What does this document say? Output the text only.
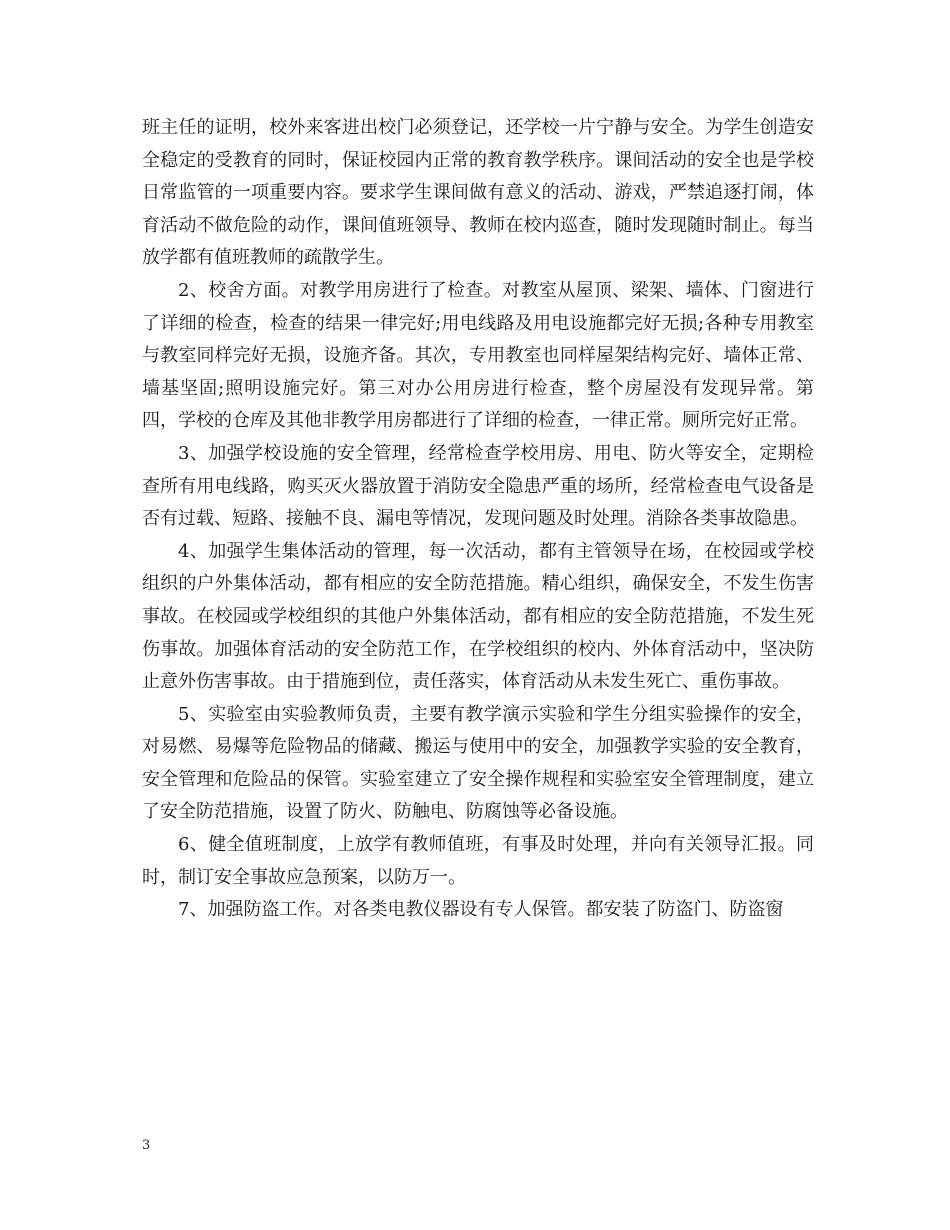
班主任的证明，校外来客进出校门必须登记，还学校一片宁静与安全。为学生创造安全稳定的受教育的同时，保证校园内正常的教育教学秩序。课间活动的安全也是学校日常监管的一项重要内容。要求学生课间做有意义的活动、游戏，严禁追逐打闹，体育活动不做危险的动作，课间值班领导、教师在校内巡查，随时发现随时制止。每当放学都有值班教师的疏散学生。

2、校舍方面。对教学用房进行了检查。对教室从屋顶、梁架、墙体、门窗进行了详细的检查，检查的结果一律完好;用电线路及用电设施都完好无损;各种专用教室与教室同样完好无损，设施齐备。其次，专用教室也同样屋架结构完好、墙体正常、墙基坚固;照明设施完好。第三对办公用房进行检查，整个房屋没有发现异常。第四，学校的仓库及其他非教学用房都进行了详细的检查，一律正常。厕所完好正常。

3、加强学校设施的安全管理，经常检查学校用房、用电、防火等安全，定期检查所有用电线路，购买灭火器放置于消防安全隐患严重的场所，经常检查电气设备是否有过载、短路、接触不良、漏电等情况，发现问题及时处理。消除各类事故隐患。

4、加强学生集体活动的管理，每一次活动，都有主管领导在场，在校园或学校组织的户外集体活动，都有相应的安全防范措施。精心组织，确保安全，不发生伤害事故。在校园或学校组织的其他户外集体活动，都有相应的安全防范措施，不发生死伤事故。加强体育活动的安全防范工作，在学校组织的校内、外体育活动中，坚决防止意外伤害事故。由于措施到位，责任落实，体育活动从未发生死亡、重伤事故。

5、实验室由实验教师负责，主要有教学演示实验和学生分组实验操作的安全，对易燃、易爆等危险物品的储藏、搬运与使用中的安全，加强教学实验的安全教育，安全管理和危险品的保管。实验室建立了安全操作规程和实验室安全管理制度，建立了安全防范措施，设置了防火、防触电、防腐蚀等必备设施。

6、健全值班制度，上放学有教师值班，有事及时处理，并向有关领导汇报。同时，制订安全事故应急预案，以防万一。

7、加强防盗工作。对各类电教仪器设有专人保管。都安装了防盗门、防盗窗

3
